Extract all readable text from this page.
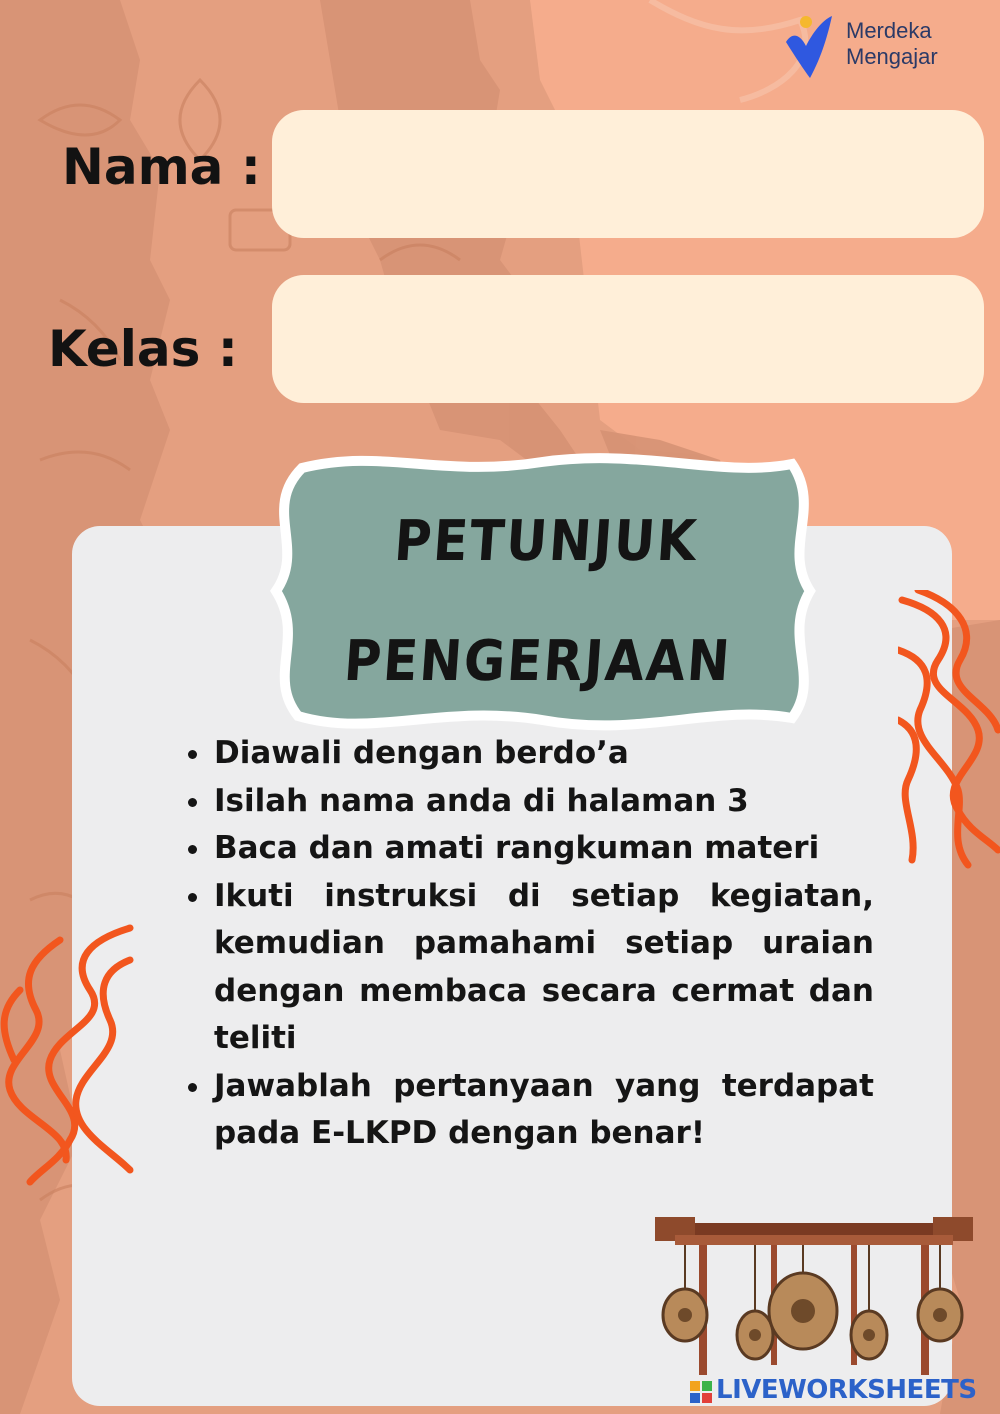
Merdeka
Mengajar
Nama :
Kelas :
PETUNJUK
PENGERJAAN
Diawali dengan berdo’a
Isilah nama anda di halaman 3
Baca dan amati rangkuman materi
Ikuti instruksi di setiap kegiatan, kemudian pamahami setiap uraian dengan membaca secara cermat dan teliti
Jawablah pertanyaan yang terdapat pada E-LKPD dengan benar!
LIVEWORKSHEETS
